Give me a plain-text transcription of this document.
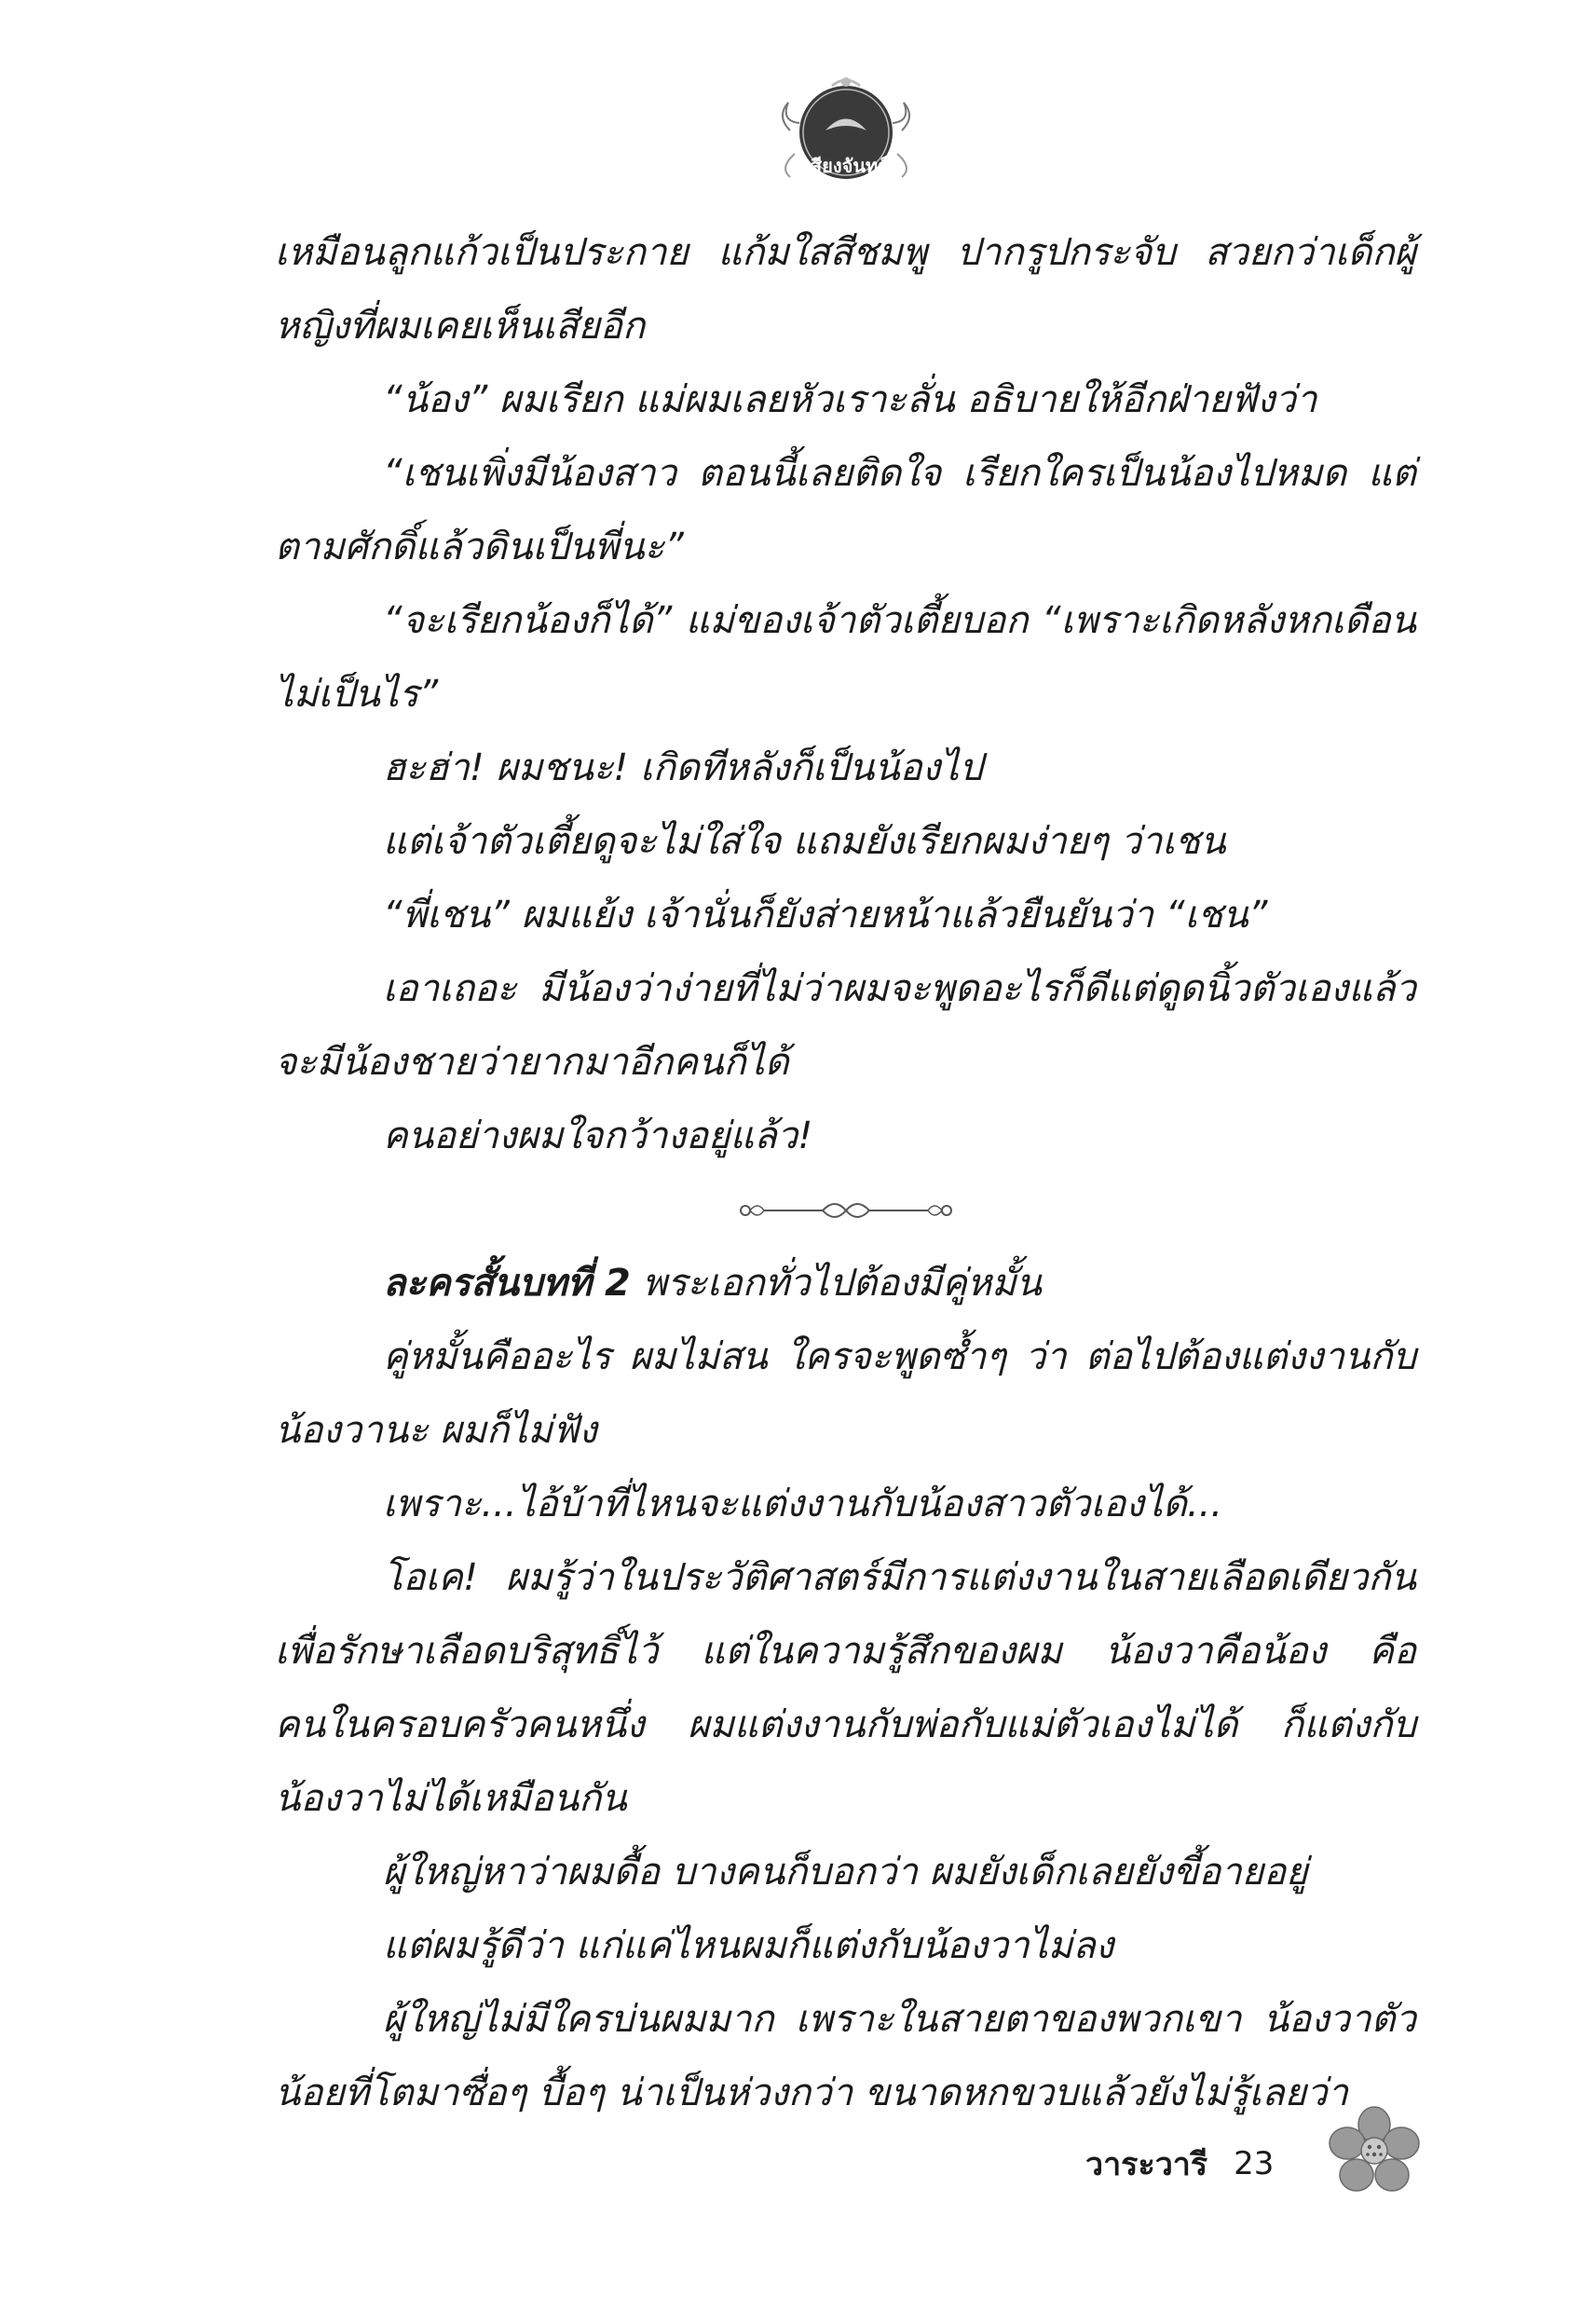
เสียงจันทร์

เหมือนลูกแก้วเป็นประกาย แก้มใสสีชมพู ปากรูปกระจับ สวยกว่าเด็กผู้หญิงที่ผมเคยเห็นเสียอีก

“น้อง” ผมเรียก แม่ผมเลยหัวเราะลั่น อธิบายให้อีกฝ่ายฟังว่า

“เชนเพิ่งมีน้องสาว ตอนนี้เลยติดใจ เรียกใครเป็นน้องไปหมด แต่ตามศักดิ์แล้วดินเป็นพี่นะ”

“จะเรียกน้องก็ได้” แม่ของเจ้าตัวเตี้ยบอก “เพราะเกิดหลังหกเดือน ไม่เป็นไร”

ฮะฮ่า! ผมชนะ! เกิดทีหลังก็เป็นน้องไป

แต่เจ้าตัวเตี้ยดูจะไม่ใส่ใจ แถมยังเรียกผมง่ายๆ ว่าเชน

“พี่เชน” ผมแย้ง เจ้านั่นก็ยังส่ายหน้าแล้วยืนยันว่า “เชน”

เอาเถอะ มีน้องว่าง่ายที่ไม่ว่าผมจะพูดอะไรก็ดีแต่ดูดนิ้วตัวเองแล้ว จะมีน้องชายว่ายากมาอีกคนก็ได้

คนอย่างผมใจกว้างอยู่แล้ว!

ละครสั้นบทที่ 2 พระเอกทั่วไปต้องมีคู่หมั้น

คู่หมั้นคืออะไร ผมไม่สน ใครจะพูดซ้ำๆ ว่า ต่อไปต้องแต่งงานกับน้องวานะ ผมก็ไม่ฟัง

เพราะ...ไอ้บ้าที่ไหนจะแต่งงานกับน้องสาวตัวเองได้...

โอเค! ผมรู้ว่าในประวัติศาสตร์มีการแต่งงานในสายเลือดเดียวกันเพื่อรักษาเลือดบริสุทธิ์ไว้ แต่ในความรู้สึกของผม น้องวาคือน้อง คือคนในครอบครัวคนหนึ่ง ผมแต่งงานกับพ่อกับแม่ตัวเองไม่ได้ ก็แต่งกับน้องวาไม่ได้เหมือนกัน

ผู้ใหญ่หาว่าผมดื้อ บางคนก็บอกว่า ผมยังเด็กเลยยังขี้อายอยู่

แต่ผมรู้ดีว่า แก่แค่ไหนผมก็แต่งกับน้องวาไม่ลง

ผู้ใหญ่ไม่มีใครบ่นผมมาก เพราะในสายตาของพวกเขา น้องวาตัวน้อยที่โตมาซื่อๆ บื้อๆ น่าเป็นห่วงกว่า ขนาดหกขวบแล้วยังไม่รู้เลยว่า

วาระวารี 23
